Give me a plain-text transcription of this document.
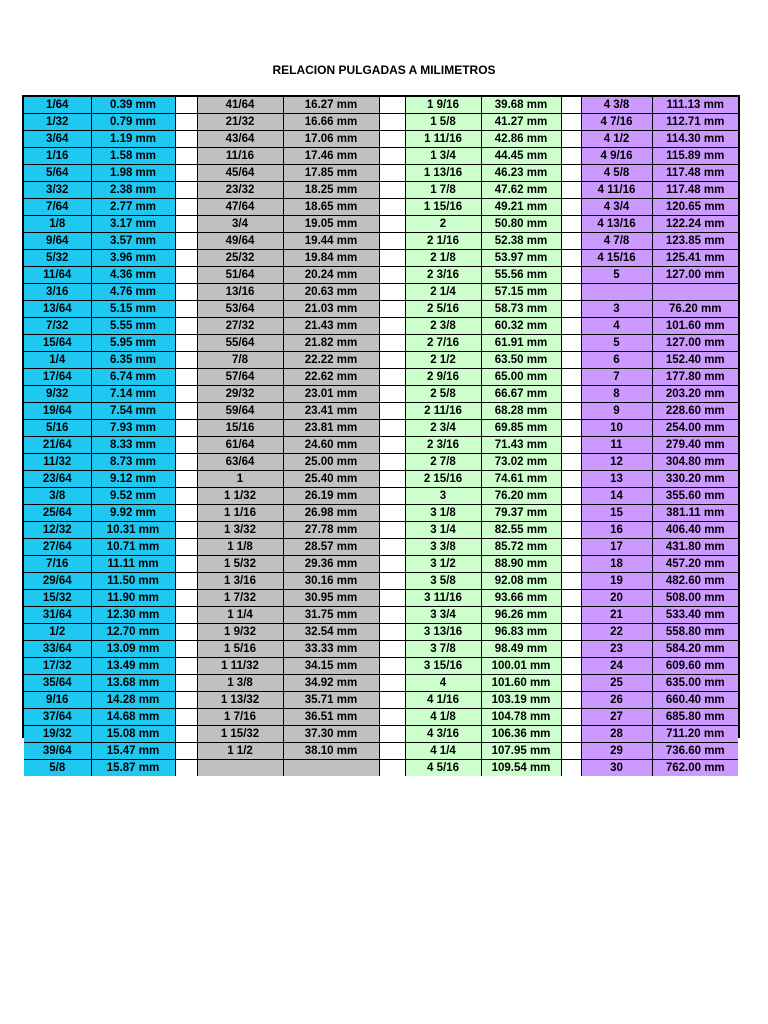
RELACION PULGADAS A MILIMETROS
1/64	0.39 mm		41/64	16.27 mm		1 9/16	39.68 mm		4 3/8	111.13 mm
1/32	0.79 mm		21/32	16.66 mm		1 5/8	41.27 mm		4 7/16	112.71 mm
3/64	1.19 mm		43/64	17.06 mm		1 11/16	42.86 mm		4 1/2	114.30 mm
1/16	1.58 mm		11/16	17.46 mm		1 3/4	44.45 mm		4 9/16	115.89 mm
5/64	1.98 mm		45/64	17.85 mm		1 13/16	46.23 mm		4 5/8	117.48 mm
3/32	2.38 mm		23/32	18.25 mm		1 7/8	47.62 mm		4 11/16	117.48 mm
7/64	2.77 mm		47/64	18.65 mm		1 15/16	49.21 mm		4 3/4	120.65 mm
1/8	3.17 mm		3/4	19.05 mm		2	50.80 mm		4 13/16	122.24 mm
9/64	3.57 mm		49/64	19.44 mm		2 1/16	52.38 mm		4 7/8	123.85 mm
5/32	3.96 mm		25/32	19.84 mm		2 1/8	53.97 mm		4 15/16	125.41 mm
11/64	4.36 mm		51/64	20.24 mm		2 3/16	55.56 mm		5	127.00 mm
3/16	4.76 mm		13/16	20.63 mm		2 1/4	57.15 mm			
13/64	5.15 mm		53/64	21.03 mm		2 5/16	58.73 mm		3	76.20 mm
7/32	5.55 mm		27/32	21.43 mm		2 3/8	60.32 mm		4	101.60 mm
15/64	5.95 mm		55/64	21.82 mm		2 7/16	61.91 mm		5	127.00 mm
1/4	6.35 mm		7/8	22.22 mm		2 1/2	63.50 mm		6	152.40 mm
17/64	6.74 mm		57/64	22.62 mm		2 9/16	65.00 mm		7	177.80 mm
9/32	7.14 mm		29/32	23.01 mm		2 5/8	66.67 mm		8	203.20 mm
19/64	7.54 mm		59/64	23.41 mm		2 11/16	68.28 mm		9	228.60 mm
5/16	7.93 mm		15/16	23.81 mm		2 3/4	69.85 mm		10	254.00 mm
21/64	8.33 mm		61/64	24.60 mm		2 3/16	71.43 mm		11	279.40 mm
11/32	8.73 mm		63/64	25.00 mm		2 7/8	73.02 mm		12	304.80 mm
23/64	9.12 mm		1	25.40 mm		2 15/16	74.61 mm		13	330.20 mm
3/8	9.52 mm		1 1/32	26.19 mm		3	76.20 mm		14	355.60 mm
25/64	9.92 mm		1 1/16	26.98 mm		3 1/8	79.37 mm		15	381.11 mm
12/32	10.31 mm		1 3/32	27.78 mm		3 1/4	82.55 mm		16	406.40 mm
27/64	10.71 mm		1 1/8	28.57 mm		3 3/8	85.72 mm		17	431.80 mm
7/16	11.11 mm		1 5/32	29.36 mm		3 1/2	88.90 mm		18	457.20 mm
29/64	11.50 mm		1 3/16	30.16 mm		3 5/8	92.08 mm		19	482.60 mm
15/32	11.90 mm		1 7/32	30.95 mm		3 11/16	93.66 mm		20	508.00 mm
31/64	12.30 mm		1 1/4	31.75 mm		3 3/4	96.26 mm		21	533.40 mm
1/2	12.70 mm		1 9/32	32.54 mm		3 13/16	96.83 mm		22	558.80 mm
33/64	13.09 mm		1 5/16	33.33 mm		3 7/8	98.49 mm		23	584.20 mm
17/32	13.49 mm		1 11/32	34.15 mm		3 15/16	100.01 mm		24	609.60 mm
35/64	13.68 mm		1 3/8	34.92 mm		4	101.60 mm		25	635.00 mm
9/16	14.28 mm		1 13/32	35.71 mm		4 1/16	103.19 mm		26	660.40 mm
37/64	14.68 mm		1 7/16	36.51 mm		4 1/8	104.78 mm		27	685.80 mm
19/32	15.08 mm		1 15/32	37.30 mm		4 3/16	106.36 mm		28	711.20 mm
39/64	15.47 mm		1 1/2	38.10 mm		4 1/4	107.95 mm		29	736.60 mm
5/8	15.87 mm					4 5/16	109.54 mm		30	762.00 mm
